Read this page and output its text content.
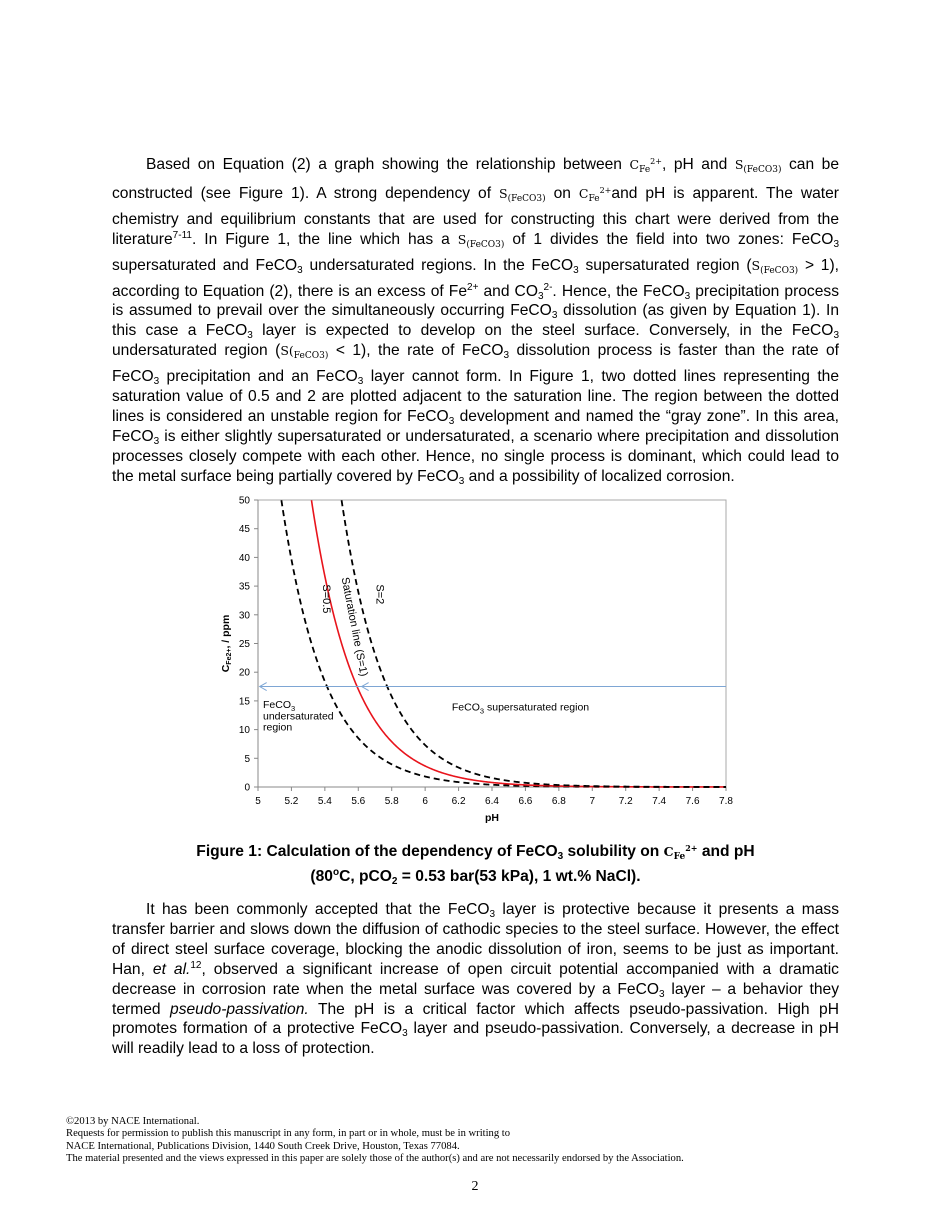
Based on Equation (2) a graph showing the relationship between CFe$^{2+}$, pH and S(FeCO3) can be constructed (see Figure 1). A strong dependency of S(FeCO3) on CFe$^{2+}$and pH is apparent. The water chemistry and equilibrium constants that are used for constructing this chart were derived from the literature$^{7-11}$. In Figure 1, the line which has a S(FeCO3) of 1 divides the field into two zones: FeCO$_3$ supersaturated and FeCO$_3$ undersaturated regions. In the FeCO$_3$ supersaturated region (S(FeCO3) > 1), according to Equation (2), there is an excess of $Fe^{2+}$ and $CO_3^{2-}$. Hence, the FeCO$_3$ precipitation process is assumed to prevail over the simultaneously occurring FeCO$_3$ dissolution (as given by Equation 1). In this case a FeCO$_3$ layer is expected to develop on the steel surface. Conversely, in the FeCO$_3$ undersaturated region (S(FeCO3) < 1), the rate of FeCO$_3$ dissolution process is faster than the rate of FeCO$_3$ precipitation and an FeCO$_3$ layer cannot form. In Figure 1, two dotted lines representing the saturation value of 0.5 and 2 are plotted adjacent to the saturation line. The region between the dotted lines is considered an unstable region for FeCO$_3$ development and named the “gray zone”. In this area, FeCO$_3$ is either slightly supersaturated or undersaturated, a scenario where precipitation and dissolution processes closely compete with each other. Hence, no single process is dominant, which could lead to the metal surface being partially covered by FeCO$_3$ and a possibility of localized corrosion.

0
5
10
15
20
25
30
35
40
45
50
5 5.2 5.4 5.6 5.8 6 6.2 6.4 6.6 6.8 7 7.2 7.4 7.6 7.8
FeCO$_3$
undersaturated
region
FeCO$_3$ supersaturated region
S=0.5 Saturation line (S=1) S=2
pH
CFe2+, / ppm
Figure 1: Calculation of the dependency of FeCO$_3$ solubility on CFe$^{2+}$ and pH
(80$^o$C, pCO$_2$ = 0.53 bar(53 kPa), 1 wt.% NaCl).

It has been commonly accepted that the FeCO$_3$ layer is protective because it presents a mass transfer barrier and slows down the diffusion of cathodic species to the steel surface. However, the effect of direct steel surface coverage, blocking the anodic dissolution of iron, seems to be just as important. Han, et al.$^{12}$, observed a significant increase of open circuit potential accompanied with a dramatic decrease in corrosion rate when the metal surface was covered by a FeCO$_3$ layer – a behavior they termed pseudo-passivation. The pH is a critical factor which affects pseudo-passivation. High pH promotes formation of a protective FeCO$_3$ layer and pseudo-passivation. Conversely, a decrease in pH will readily lead to a loss of protection.

©2013 by NACE International.
Requests for permission to publish this manuscript in any form, in part or in whole, must be in writing to
NACE International, Publications Division, 1440 South Creek Drive, Houston, Texas 77084.
The material presented and the views expressed in this paper are solely those of the author(s) and are not necessarily endorsed by the Association.
2
